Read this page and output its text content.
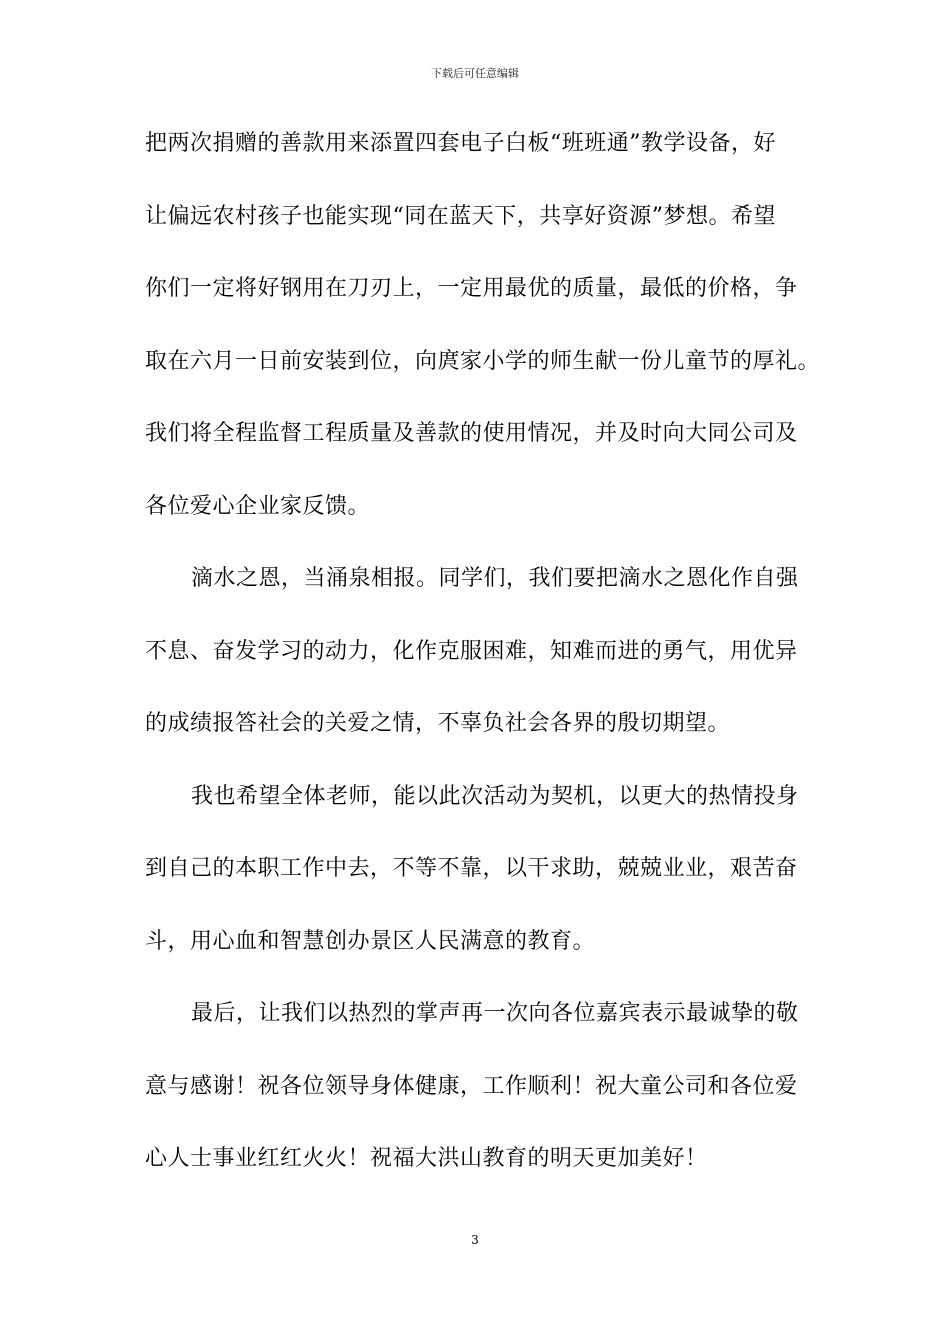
下载后可任意编辑
把两次捐赠的善款用来添置四套电子白板“班班通”教学设备，好
让偏远农村孩子也能实现“同在蓝天下，共享好资源”梦想。希望
你们一定将好钢用在刀刃上，一定用最优的质量，最低的价格，争
取在六月一日前安装到位，向庹家小学的师生献一份儿童节的厚礼。
我们将全程监督工程质量及善款的使用情况，并及时向大同公司及
各位爱心企业家反馈。
滴水之恩，当涌泉相报。同学们，我们要把滴水之恩化作自强
不息、奋发学习的动力，化作克服困难，知难而进的勇气，用优异
的成绩报答社会的关爱之情，不辜负社会各界的殷切期望。
我也希望全体老师，能以此次活动为契机，以更大的热情投身
到自己的本职工作中去，不等不靠，以干求助，兢兢业业，艰苦奋
斗，用心血和智慧创办景区人民满意的教育。
最后，让我们以热烈的掌声再一次向各位嘉宾表示最诚挚的敬
意与感谢！祝各位领导身体健康，工作顺利！祝大童公司和各位爱
心人士事业红红火火！祝福大洪山教育的明天更加美好！
3
